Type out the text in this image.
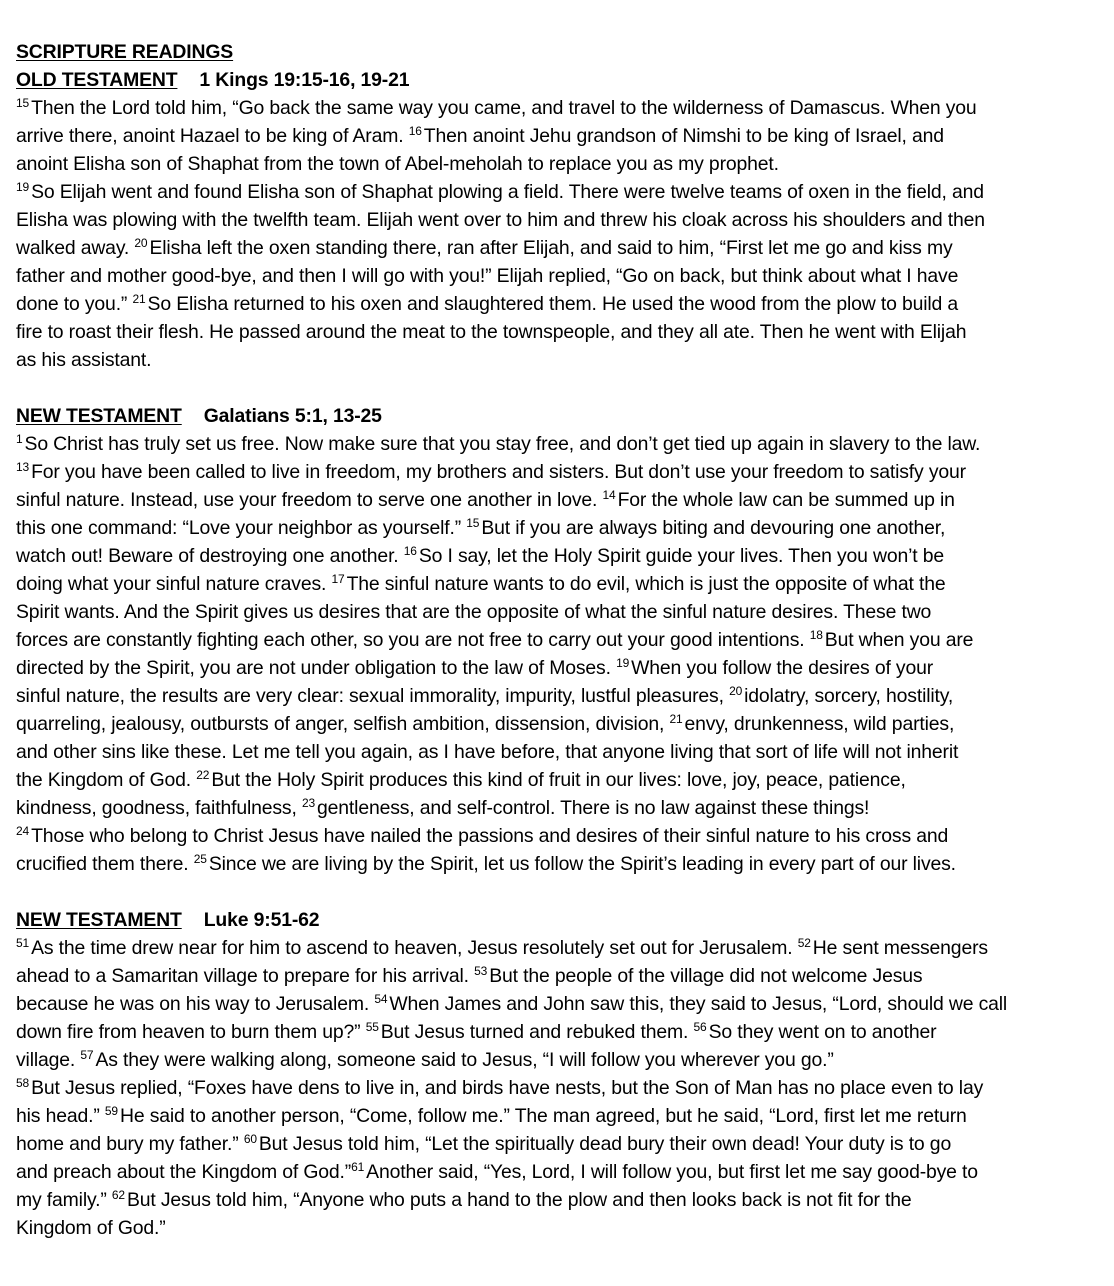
SCRIPTURE READINGS
OLD TESTAMENT 1 Kings 19:15-16, 19-21
$^{15}$ Then the Lord told him, “Go back the same way you came, and travel to the wilderness of Damascus. When you
arrive there, anoint Hazael to be king of Aram. $^{16}$ Then anoint Jehu grandson of Nimshi to be king of Israel, and
anoint Elisha son of Shaphat from the town of Abel-meholah to replace you as my prophet.
$^{19}$ So Elijah went and found Elisha son of Shaphat plowing a field. There were twelve teams of oxen in the field, and
Elisha was plowing with the twelfth team. Elijah went over to him and threw his cloak across his shoulders and then
walked away. $^{20}$ Elisha left the oxen standing there, ran after Elijah, and said to him, “First let me go and kiss my
father and mother good-bye, and then I will go with you!” Elijah replied, “Go on back, but think about what I have
done to you.” $^{21}$ So Elisha returned to his oxen and slaughtered them. He used the wood from the plow to build a
fire to roast their flesh. He passed around the meat to the townspeople, and they all ate. Then he went with Elijah
as his assistant.
NEW TESTAMENT Galatians 5:1, 13-25
$^1$ So Christ has truly set us free. Now make sure that you stay free, and don’t get tied up again in slavery to the law.
$^{13}$ For you have been called to live in freedom, my brothers and sisters. But don’t use your freedom to satisfy your
sinful nature. Instead, use your freedom to serve one another in love. $^{14}$ For the whole law can be summed up in
this one command: “Love your neighbor as yourself.” $^{15}$ But if you are always biting and devouring one another,
watch out! Beware of destroying one another. $^{16}$ So I say, let the Holy Spirit guide your lives. Then you won’t be
doing what your sinful nature craves. $^{17}$ The sinful nature wants to do evil, which is just the opposite of what the
Spirit wants. And the Spirit gives us desires that are the opposite of what the sinful nature desires. These two
forces are constantly fighting each other, so you are not free to carry out your good intentions. $^{18}$ But when you are
directed by the Spirit, you are not under obligation to the law of Moses. $^{19}$ When you follow the desires of your
sinful nature, the results are very clear: sexual immorality, impurity, lustful pleasures, $^{20}$ idolatry, sorcery, hostility,
quarreling, jealousy, outbursts of anger, selfish ambition, dissension, division, $^{21}$ envy, drunkenness, wild parties,
and other sins like these. Let me tell you again, as I have before, that anyone living that sort of life will not inherit
the Kingdom of God. $^{22}$ But the Holy Spirit produces this kind of fruit in our lives: love, joy, peace, patience,
kindness, goodness, faithfulness, $^{23}$ gentleness, and self-control. There is no law against these things!
$^{24}$ Those who belong to Christ Jesus have nailed the passions and desires of their sinful nature to his cross and
crucified them there. $^{25}$ Since we are living by the Spirit, let us follow the Spirit’s leading in every part of our lives.
NEW TESTAMENT Luke 9:51-62
$^{51}$ As the time drew near for him to ascend to heaven, Jesus resolutely set out for Jerusalem. $^{52}$ He sent messengers
ahead to a Samaritan village to prepare for his arrival. $^{53}$ But the people of the village did not welcome Jesus
because he was on his way to Jerusalem. $^{54}$ When James and John saw this, they said to Jesus, “Lord, should we call
down fire from heaven to burn them up?” $^{55}$ But Jesus turned and rebuked them. $^{56}$ So they went on to another
village. $^{57}$ As they were walking along, someone said to Jesus, “I will follow you wherever you go.”
$^{58}$ But Jesus replied, “Foxes have dens to live in, and birds have nests, but the Son of Man has no place even to lay
his head.” $^{59}$ He said to another person, “Come, follow me.” The man agreed, but he said, “Lord, first let me return
home and bury my father.” $^{60}$ But Jesus told him, “Let the spiritually dead bury their own dead! Your duty is to go
and preach about the Kingdom of God.”$^{61}$ Another said, “Yes, Lord, I will follow you, but first let me say good-bye to
my family.” $^{62}$ But Jesus told him, “Anyone who puts a hand to the plow and then looks back is not fit for the
Kingdom of God.”
